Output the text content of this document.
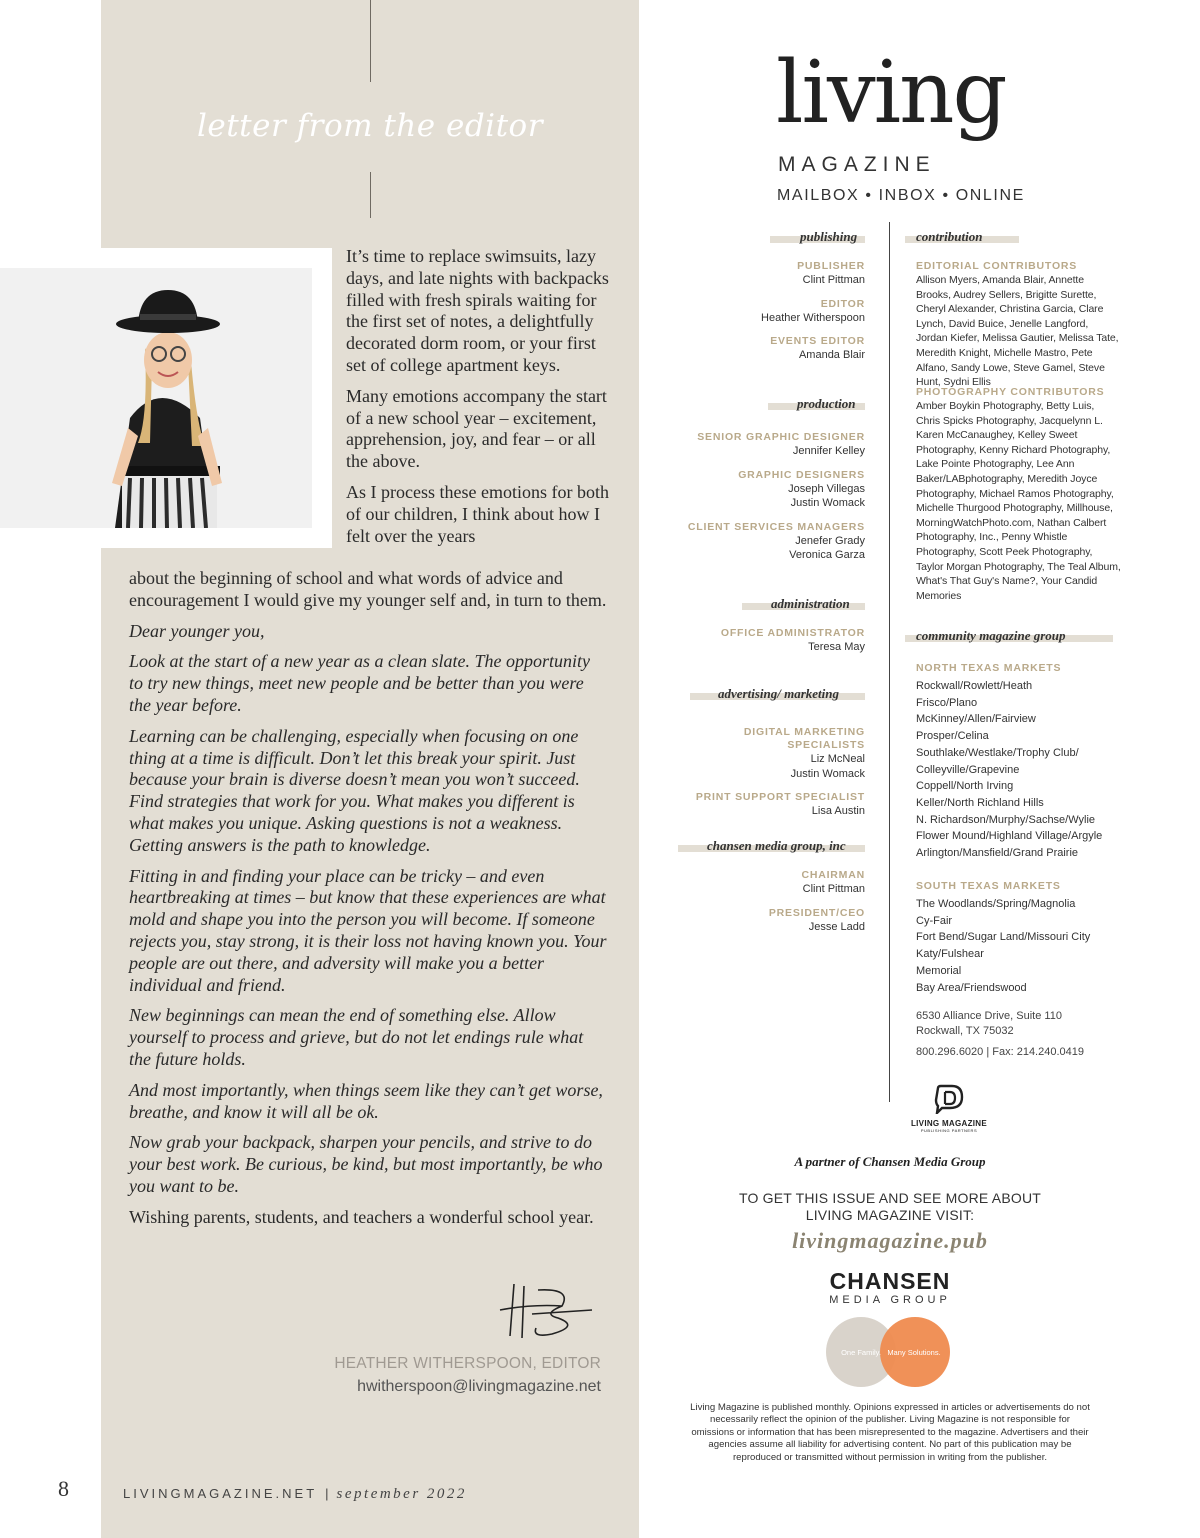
letter from the editor

It’s time to replace swimsuits, lazy days, and late nights with backpacks filled with fresh spirals waiting for the first set of notes, a delightfully decorated dorm room, or your first set of college apartment keys.

Many emotions accompany the start of a new school year – excitement, apprehension, joy, and fear – or all the above.

As I process these emotions for both of our children, I think about how I felt over the years

about the beginning of school and what words of advice and encouragement I would give my younger self and, in turn to them.

Dear younger you,

Look at the start of a new year as a clean slate. The opportunity to try new things, meet new people and be better than you were the year before.

Learning can be challenging, especially when focusing on one thing at a time is difficult. Don’t let this break your spirit. Just because your brain is diverse doesn’t mean you won’t succeed. Find strategies that work for you. What makes you different is what makes you unique. Asking questions is not a weakness. Getting answers is the path to knowledge.

Fitting in and finding your place can be tricky – and even heartbreaking at times – but know that these experiences are what mold and shape you into the person you will become. If someone rejects you, stay strong, it is their loss not having known you. Your people are out there, and adversity will make you a better individual and friend.

New beginnings can mean the end of something else. Allow yourself to process and grieve, but do not let endings rule what the future holds.

And most importantly, when things seem like they can’t get worse, breathe, and know it will all be ok.

Now grab your backpack, sharpen your pencils, and strive to do your best work. Be curious, be kind, but most importantly, be who you want to be.

Wishing parents, students, and teachers a wonderful school year.

HEATHER WITHERSPOON, EDITOR
hwitherspoon@livingmagazine.net
8	LIVINGMAGAZINE.NET | september 2022
living
MAGAZINE
MAILBOX • INBOX • ONLINE
publishing	contribution
production
administration
community magazine group
advertising/ marketing
chansen media group, inc
PUBLISHER
Clint Pittman
EDITOR
Heather Witherspoon
EVENTS EDITOR
Amanda Blair
SENIOR GRAPHIC DESIGNER
Jennifer Kelley
GRAPHIC DESIGNERS
Joseph Villegas
Justin Womack
CLIENT SERVICES MANAGERS
Jenefer Grady
Veronica Garza
OFFICE ADMINISTRATOR
Teresa May
DIGITAL MARKETING SPECIALISTS
Liz McNeal
Justin Womack
PRINT SUPPORT SPECIALIST
Lisa Austin
CHAIRMAN
Clint Pittman
PRESIDENT/CEO
Jesse Ladd
EDITORIAL CONTRIBUTORS
Allison Myers, Amanda Blair, Annette Brooks, Audrey Sellers, Brigitte Surette, Cheryl Alexander, Christina Garcia, Clare Lynch, David Buice, Jenelle Langford, Jordan Kiefer, Melissa Gautier, Melissa Tate, Meredith Knight, Michelle Mastro, Pete Alfano, Sandy Lowe, Steve Gamel, Steve Hunt, Sydni Ellis
PHOTOGRAPHY CONTRIBUTORS
Amber Boykin Photography, Betty Luis, Chris Spicks Photography, Jacquelynn L. Karen McCanaughey, Kelley Sweet Photography, Kenny Richard Photography, Lake Pointe Photography, Lee Ann Baker/LABphotography, Meredith Joyce Photography, Michael Ramos Photography, Michelle Thurgood Photography, Millhouse, MorningWatchPhoto.com, Nathan Calbert Photography, Inc., Penny Whistle Photography, Scott Peek Photography, Taylor Morgan Photography, The Teal Album, What's That Guy's Name?, Your Candid Memories
NORTH TEXAS MARKETS
Rockwall/Rowlett/Heath
Frisco/Plano
McKinney/Allen/Fairview
Prosper/Celina
Southlake/Westlake/Trophy Club/
Colleyville/Grapevine
Coppell/North Irving
Keller/North Richland Hills
N. Richardson/Murphy/Sachse/Wylie
Flower Mound/Highland Village/Argyle
Arlington/Mansfield/Grand Prairie
SOUTH TEXAS MARKETS
The Woodlands/Spring/Magnolia
Cy-Fair
Fort Bend/Sugar Land/Missouri City
Katy/Fulshear
Memorial
Bay Area/Friendswood
6530 Alliance Drive, Suite 110
Rockwall, TX 75032
800.296.6020 | Fax: 214.240.0419
LIVING MAGAZINE
PUBLISHING PARTNERS
A partner of Chansen Media Group
TO GET THIS ISSUE AND SEE MORE ABOUT
LIVING MAGAZINE VISIT:
livingmagazine.pub
CHANSEN
MEDIA GROUP
One Family. Many Solutions.
Living Magazine is published monthly. Opinions expressed in articles or advertisements do not necessarily reflect the opinion of the publisher. Living Magazine is not responsible for omissions or information that has been misrepresented to the magazine. Advertisers and their agencies assume all liability for advertising content. No part of this publication may be reproduced or transmitted without permission in writing from the publisher.
